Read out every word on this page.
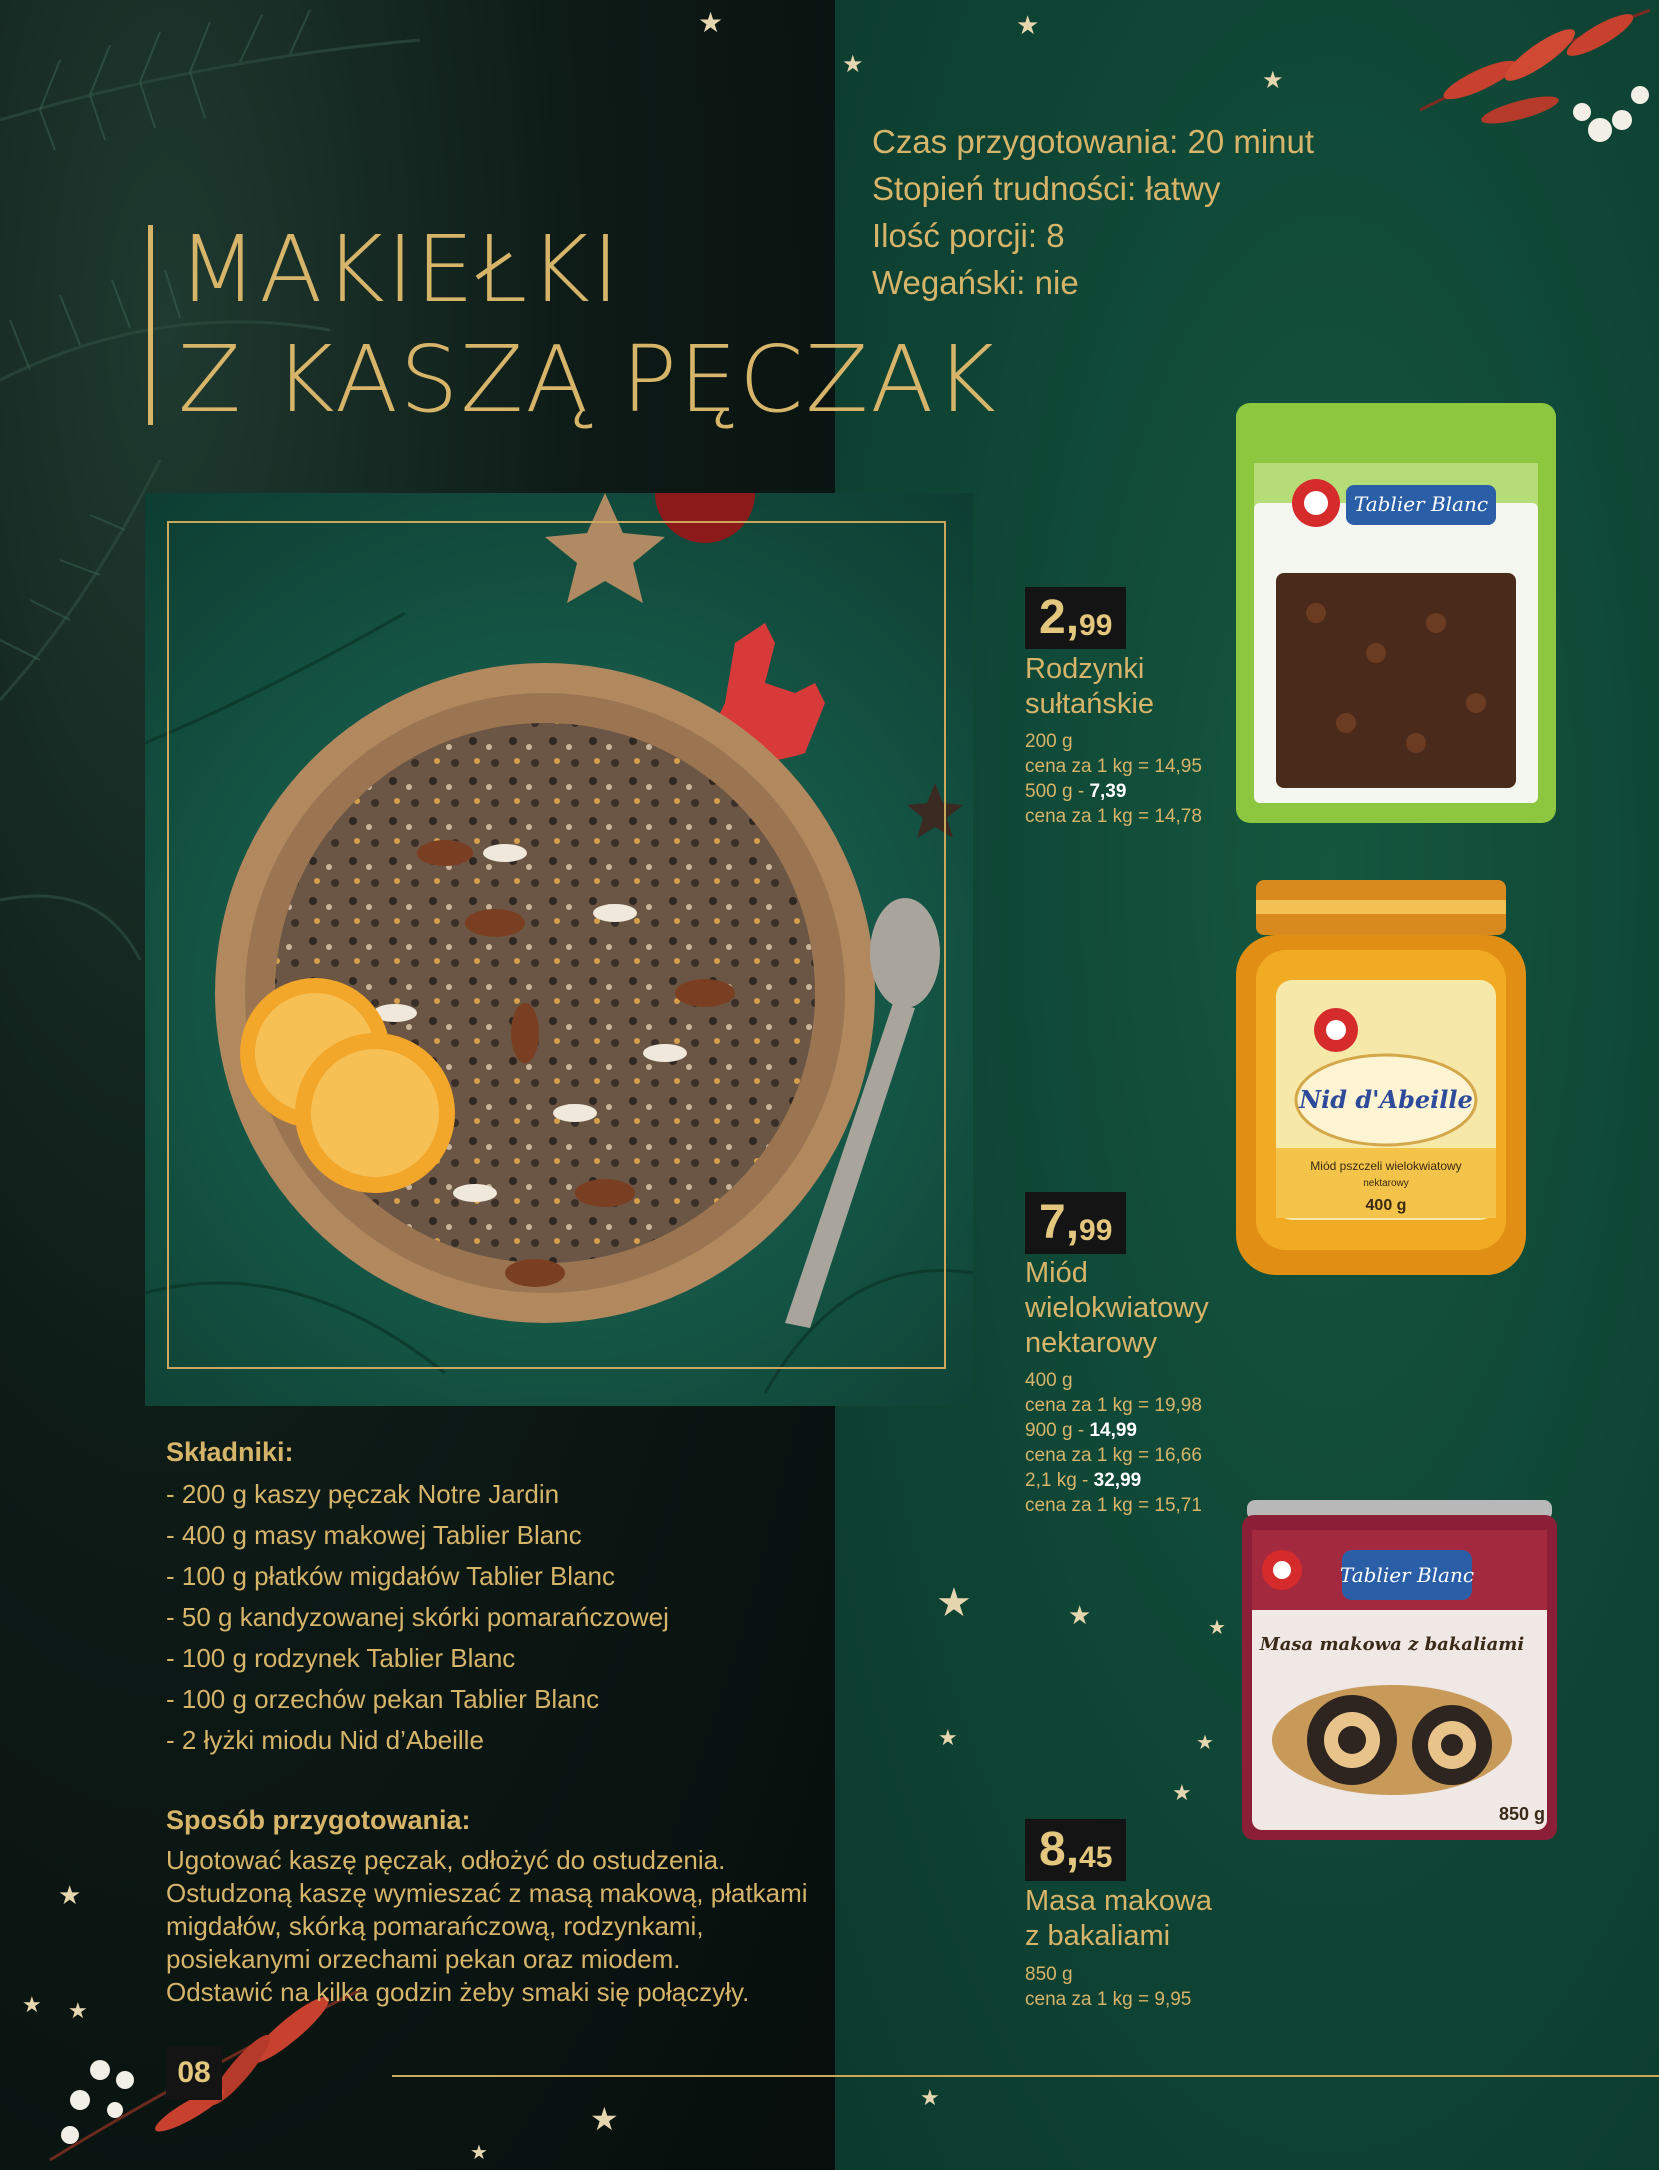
★	★
★
★
★	★	★
★	★
★
★
★ ★
★
★
★
MAKIEŁKI
Z KASZĄ PĘCZAK
Czas przygotowania: 20 minut
Stopień trudności: łatwy
Ilość porcji: 8
Wegański: nie
Tablier Blanc
Nid d'Abeille
Miód pszczeli wielokwiatowy
nektarowy
400 g
Tablier Blanc
Masa makowa z bakaliami
850 g
2,99
Rodzynki
sułtańskie
200 g
cena za 1 kg = 14,95
500 g - 7,39
cena za 1 kg = 14,78
7,99
Miód
wielokwiatowy
nektarowy
400 g
cena za 1 kg = 19,98
900 g - 14,99
cena za 1 kg = 16,66
2,1 kg - 32,99
cena za 1 kg = 15,71
8,45
Masa makowa
z bakaliami
850 g
cena za 1 kg = 9,95
Składniki:
- 200 g kaszy pęczak Notre Jardin
- 400 g masy makowej Tablier Blanc
- 100 g płatków migdałów Tablier Blanc
- 50 g kandyzowanej skórki pomarańczowej
- 100 g rodzynek Tablier Blanc
- 100 g orzechów pekan Tablier Blanc
- 2 łyżki miodu Nid d’Abeille
Sposób przygotowania:
Ugotować kaszę pęczak, odłożyć do ostudzenia.
Ostudzoną kaszę wymieszać z masą makową, płatkami
migdałów, skórką pomarańczową, rodzynkami,
posiekanymi orzechami pekan oraz miodem.
Odstawić na kilka godzin żeby smaki się połączyły.
08
